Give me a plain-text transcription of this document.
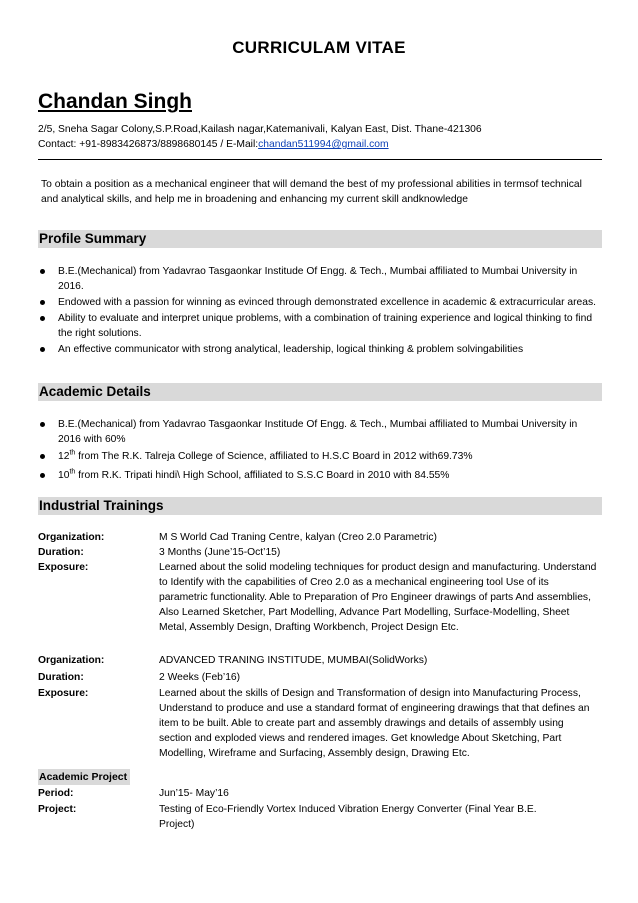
CURRICULAM VITAE
Chandan Singh
2/5, Sneha Sagar Colony,S.P.Road,Kailash nagar,Katemanivali, Kalyan East, Dist. Thane-421306
Contact: +91-8983426873/8898680145 / E-Mail:chandan511994@gmail.com
To obtain a position as a mechanical engineer that will demand the best of my professional abilities in termsof technical and analytical skills, and help me in broadening and enhancing my current skill andknowledge
Profile Summary
B.E.(Mechanical) from Yadavrao Tasgaonkar Institude Of Engg. & Tech., Mumbai affiliated to Mumbai University in 2016.
Endowed with a passion for winning as evinced through demonstrated excellence in academic & extracurricular areas.
Ability to evaluate and interpret unique problems, with a combination of training experience and logical thinking to find the right solutions.
An effective communicator with strong analytical, leadership, logical thinking & problem solvingabilities
Academic Details
B.E.(Mechanical) from Yadavrao Tasgaonkar Institude Of Engg. & Tech., Mumbai affiliated to Mumbai University in 2016 with 60%
12th from The R.K. Talreja College of Science, affiliated to H.S.C Board in 2012 with69.73%
10th from R.K. Tripati hindi\ High School, affiliated to S.S.C Board in 2010 with 84.55%
Industrial Trainings
Organization:	M S World Cad Traning Centre, kalyan (Creo 2.0 Parametric)
Duration:	3 Months (June’15-Oct’15)
Exposure:	Learned about the solid modeling techniques for product design and manufacturing. Understand to Identify with the capabilities of Creo 2.0 as a mechanical engineering tool Use of its parametric functionality. Able to Preparation of Pro Engineer drawings of parts And assemblies, Also Learned Sketcher, Part Modelling, Advance Part Modelling, Surface-Modelling, Sheet Metal, Assembly Design, Drafting Workbench, Project Design Etc.
Organization:	ADVANCED TRANING INSTITUDE, MUMBAI(SolidWorks)
Duration:	2 Weeks (Feb’16)
Exposure:	Learned about the skills of Design and Transformation of design into Manufacturing Process, Understand to produce and use a standard format of engineering drawings that that defines an item to be built. Able to create part and assembly drawings and details of assembly using section and exploded views and rendered images. Get knowledge About Sketching, Part Modelling, Wireframe and Surfacing, Assembly design, Drawing Etc.
Academic Project
Period:	Jun’15- May’16
Project:	Testing of Eco-Friendly Vortex Induced Vibration Energy Converter (Final Year B.E. Project)
